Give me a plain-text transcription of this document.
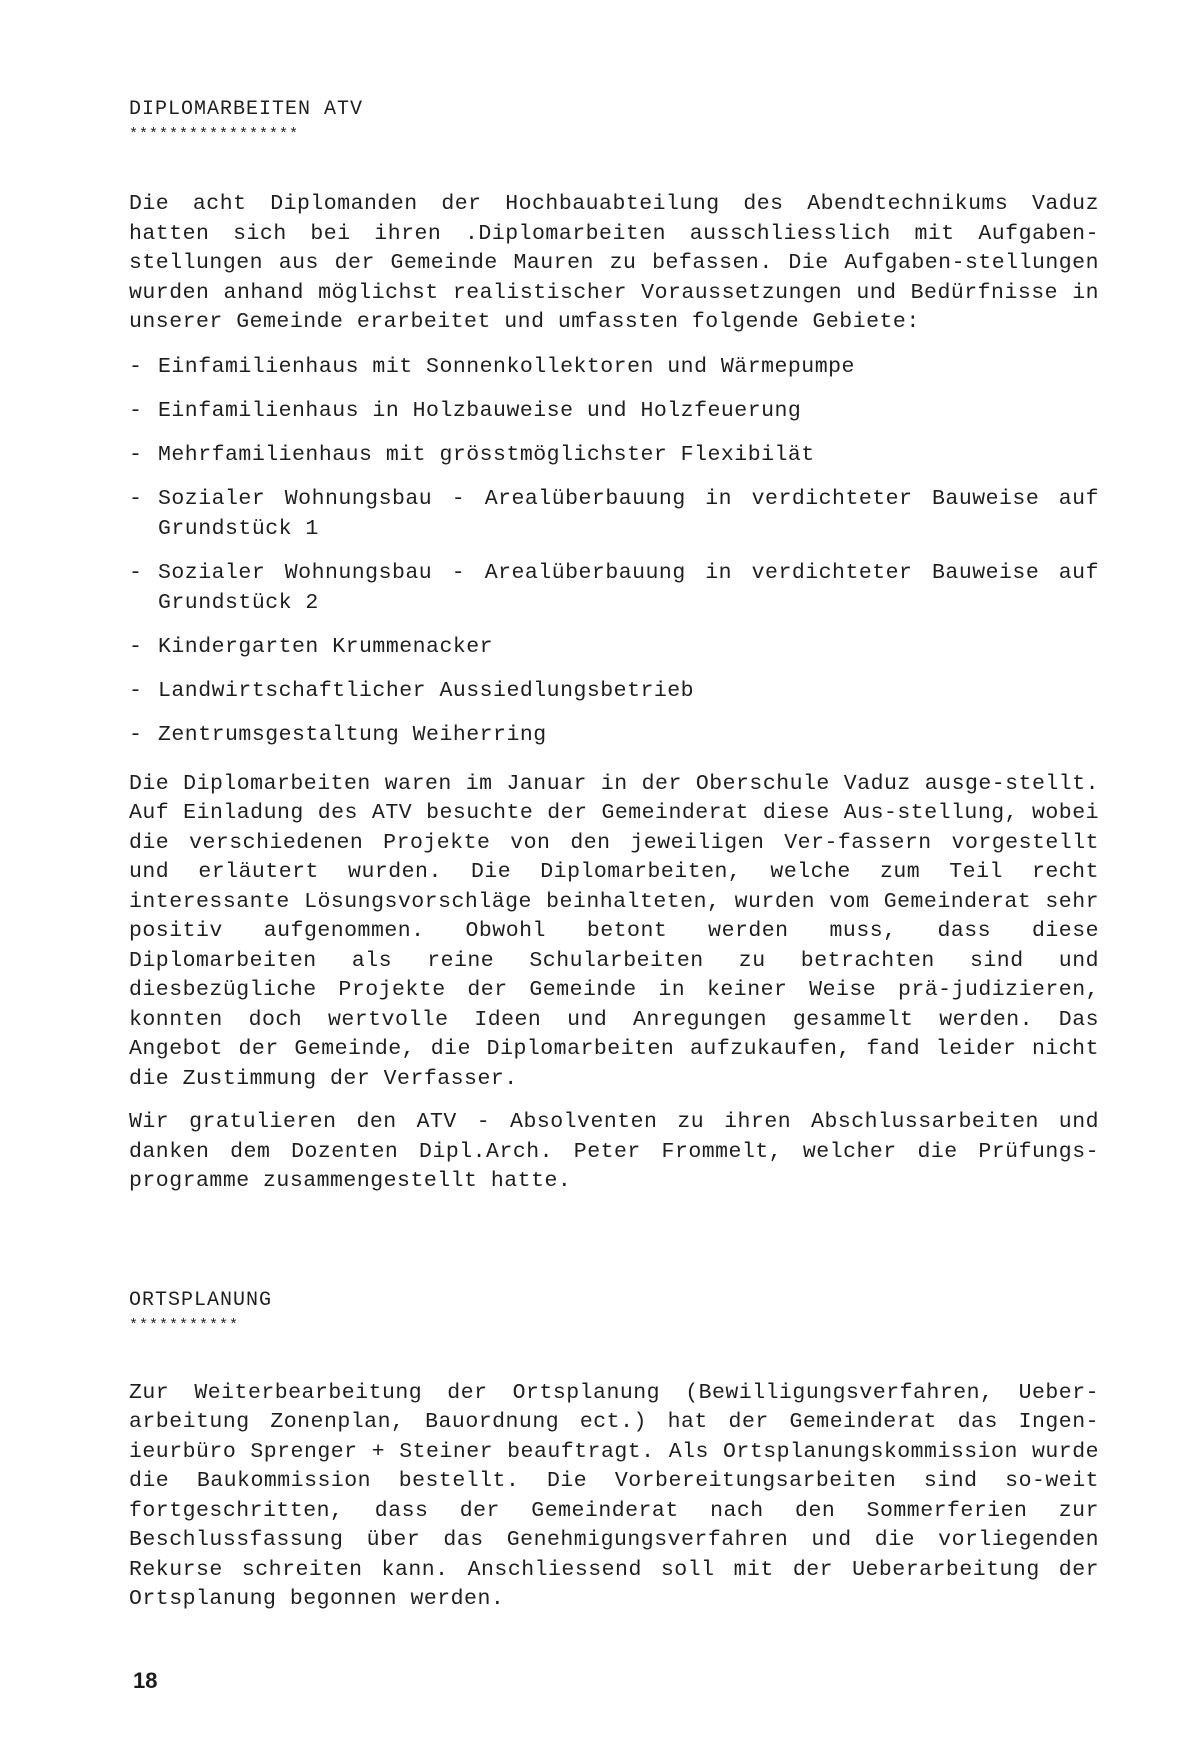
DIPLOMARBEITEN ATV
*****************

Die acht Diplomanden der Hochbauabteilung des Abendtechnikums Vaduz hatten sich bei ihren .Diplomarbeiten ausschliesslich mit Aufgaben-stellungen aus der Gemeinde Mauren zu befassen. Die Aufgaben-stellungen wurden anhand möglichst realistischer Voraussetzungen und Bedürfnisse in unserer Gemeinde erarbeitet und umfassten folgende Gebiete:

- Einfamilienhaus mit Sonnenkollektoren und Wärmepumpe
- Einfamilienhaus in Holzbauweise und Holzfeuerung
- Mehrfamilienhaus mit grösstmöglichster Flexibilät
- Sozialer Wohnungsbau - Arealüberbauung in verdichteter Bauweise auf Grundstück 1
- Sozialer Wohnungsbau - Arealüberbauung in verdichteter Bauweise auf Grundstück 2
- Kindergarten Krummenacker
- Landwirtschaftlicher Aussiedlungsbetrieb
- Zentrumsgestaltung Weiherring

Die Diplomarbeiten waren im Januar in der Oberschule Vaduz ausge-stellt. Auf Einladung des ATV besuchte der Gemeinderat diese Aus-stellung, wobei die verschiedenen Projekte von den jeweiligen Ver-fassern vorgestellt und erläutert wurden. Die Diplomarbeiten, welche zum Teil recht interessante Lösungsvorschläge beinhalteten, wurden vom Gemeinderat sehr positiv aufgenommen. Obwohl betont werden muss, dass diese Diplomarbeiten als reine Schularbeiten zu betrachten sind und diesbezügliche Projekte der Gemeinde in keiner Weise prä-judizieren, konnten doch wertvolle Ideen und Anregungen gesammelt werden. Das Angebot der Gemeinde, die Diplomarbeiten aufzukaufen, fand leider nicht die Zustimmung der Verfasser.

Wir gratulieren den ATV - Absolventen zu ihren Abschlussarbeiten und danken dem Dozenten Dipl.Arch. Peter Frommelt, welcher die Prüfungs-programme zusammengestellt hatte.

ORTSPLANUNG
***********

Zur Weiterbearbeitung der Ortsplanung (Bewilligungsverfahren, Ueber-arbeitung Zonenplan, Bauordnung ect.) hat der Gemeinderat das Ingen-ieurbüro Sprenger + Steiner beauftragt. Als Ortsplanungskommission wurde die Baukommission bestellt. Die Vorbereitungsarbeiten sind so-weit fortgeschritten, dass der Gemeinderat nach den Sommerferien zur Beschlussfassung über das Genehmigungsverfahren und die vorliegenden Rekurse schreiten kann. Anschliessend soll mit der Ueberarbeitung der Ortsplanung begonnen werden.

18
